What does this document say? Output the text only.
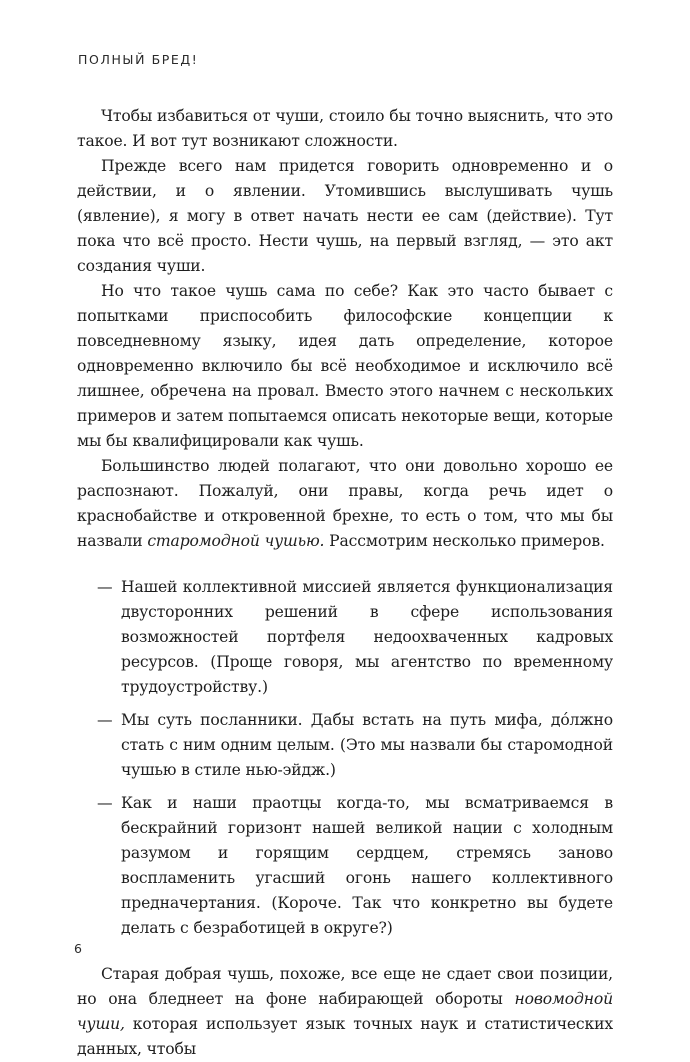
ПОЛНЫЙ БРЕД!

Чтобы избавиться от чуши, стоило бы точно выяснить, что это такое. И вот тут возникают сложности.

Прежде всего нам придется говорить одновременно и о действии, и о явлении. Утомившись выслушивать чушь (явление), я могу в ответ начать нести ее сам (действие). Тут пока что всё просто. Нести чушь, на первый взгляд, — это акт создания чуши.

Но что такое чушь сама по себе? Как это часто бывает с попытками приспособить философские концепции к повседневному языку, идея дать определение, которое одновременно включило бы всё необходимое и исключило всё лишнее, обречена на провал. Вместо этого начнем с нескольких примеров и затем попытаемся описать некоторые вещи, которые мы бы квалифицировали как чушь.

Большинство людей полагают, что они довольно хорошо ее распознают. Пожалуй, они правы, когда речь идет о краснобайстве и откровенной брехне, то есть о том, что мы бы назвали старомодной чушью. Рассмотрим несколько примеров.

— Нашей коллективной миссией является функционализация двусторонних решений в сфере использования возможностей портфеля недоохваченных кадровых ресурсов. (Проще говоря, мы агентство по временному трудоустройству.)
— Мы суть посланники. Дабы встать на путь мифа, до́лжно стать с ним одним целым. (Это мы назвали бы старомодной чушью в стиле нью-эйдж.)
— Как и наши праотцы когда-то, мы всматриваемся в бескрайний горизонт нашей великой нации с холодным разумом и горящим сердцем, стремясь заново воспламенить угасший огонь нашего коллективного предначертания. (Короче. Так что конкретно вы будете делать с безработицей в округе?)

Старая добрая чушь, похоже, все еще не сдает свои позиции, но она бледнеет на фоне набирающей обороты новомодной чуши, которая использует язык точных наук и статистических данных, чтобы

6
